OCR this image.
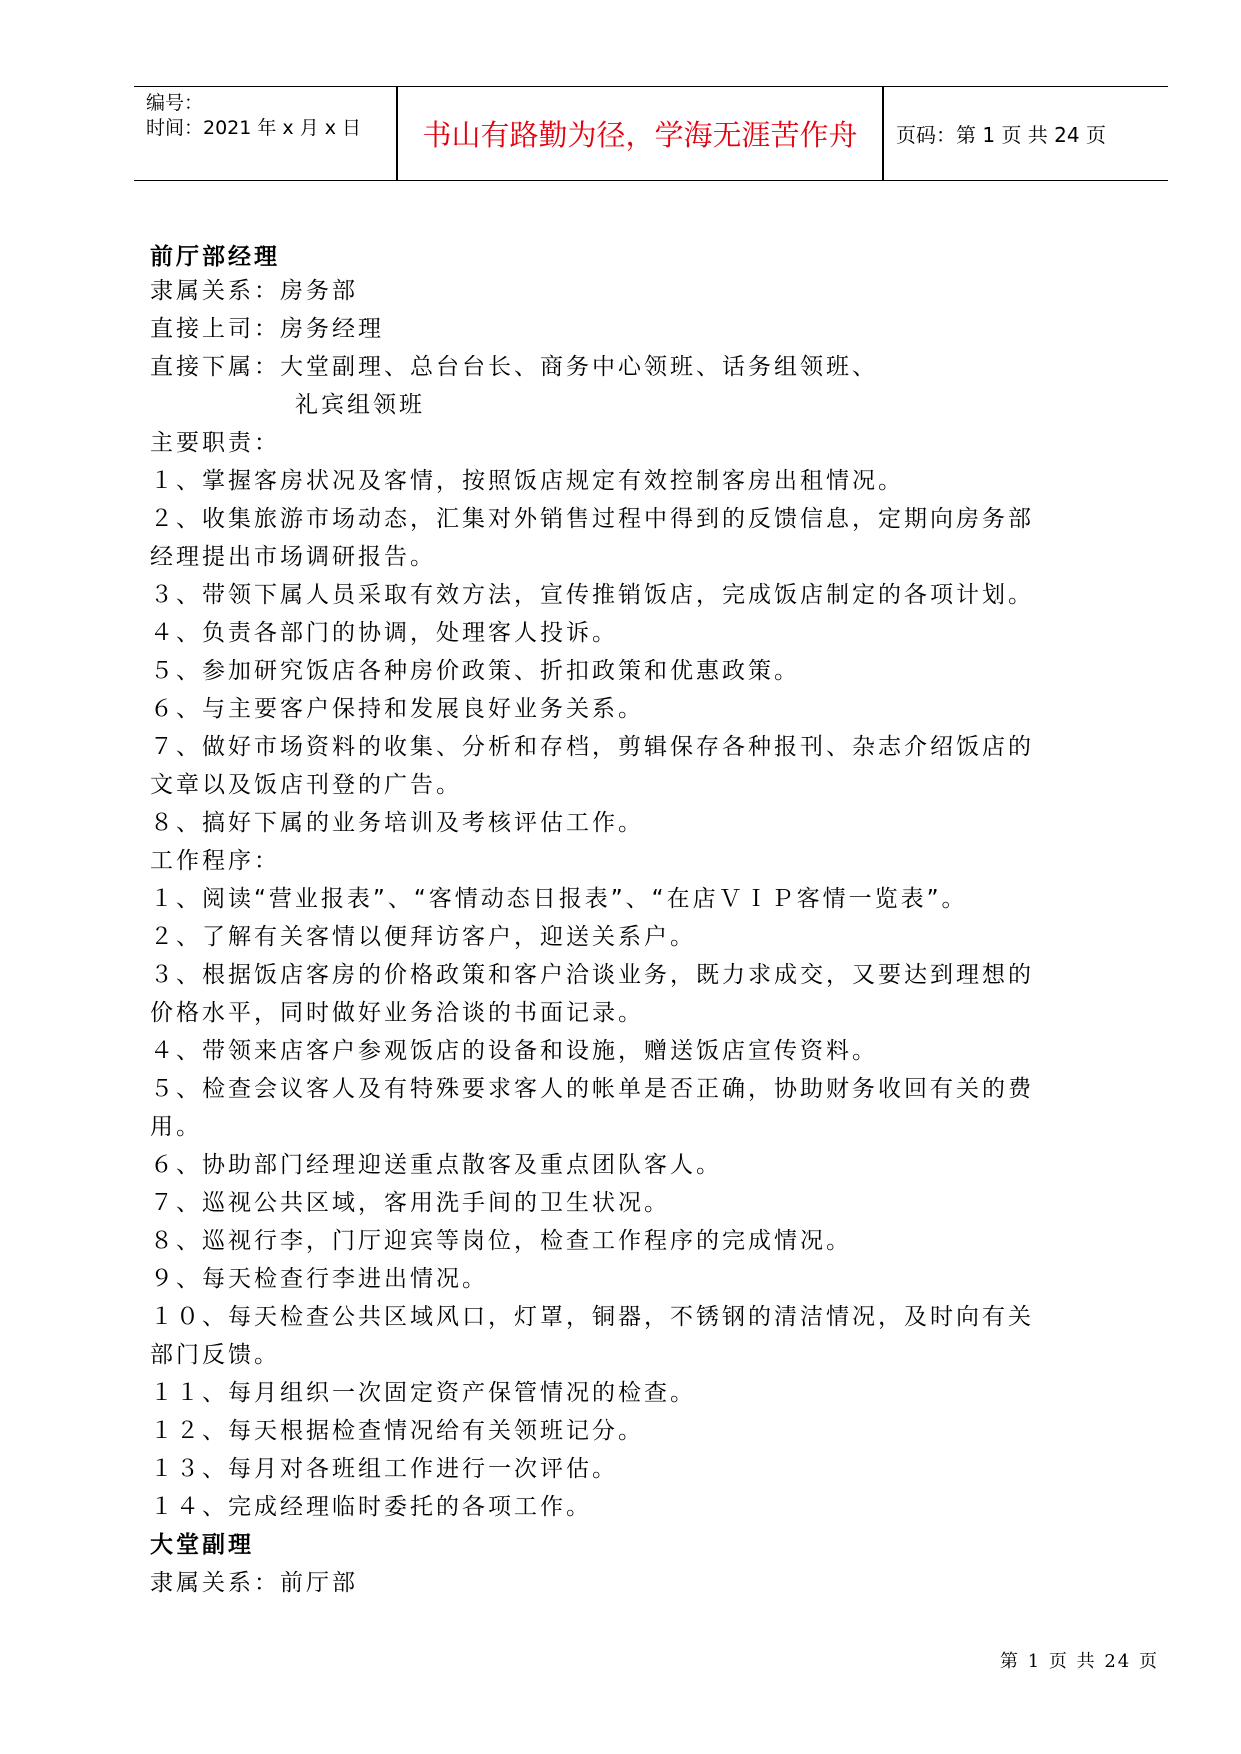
编号：
时间：2021 年 x 月 x 日	书山有路勤为径，学海无涯苦作舟	页码：第 1 页 共 24 页
前厅部经理
隶属关系：房务部
直接上司：房务经理
直接下属：大堂副理、总台台长、商务中心领班、话务组领班、
礼宾组领班
主要职责：
１、掌握客房状况及客情，按照饭店规定有效控制客房出租情况。
２、收集旅游市场动态，汇集对外销售过程中得到的反馈信息，定期向房务部
经理提出市场调研报告。
３、带领下属人员采取有效方法，宣传推销饭店，完成饭店制定的各项计划。
４、负责各部门的协调，处理客人投诉。
５、参加研究饭店各种房价政策、折扣政策和优惠政策。
６、与主要客户保持和发展良好业务关系。
７、做好市场资料的收集、分析和存档，剪辑保存各种报刊、杂志介绍饭店的
文章以及饭店刊登的广告。
８、搞好下属的业务培训及考核评估工作。
工作程序：
１、阅读“营业报表”、“客情动态日报表”、“在店ＶＩＰ客情一览表”。
２、了解有关客情以便拜访客户，迎送关系户。
３、根据饭店客房的价格政策和客户洽谈业务，既力求成交，又要达到理想的
价格水平，同时做好业务洽谈的书面记录。
４、带领来店客户参观饭店的设备和设施，赠送饭店宣传资料。
５、检查会议客人及有特殊要求客人的帐单是否正确，协助财务收回有关的费
用。
６、协助部门经理迎送重点散客及重点团队客人。
７、巡视公共区域，客用洗手间的卫生状况。
８、巡视行李，门厅迎宾等岗位，检查工作程序的完成情况。
９、每天检查行李进出情况。
１０、每天检查公共区域风口，灯罩，铜器，不锈钢的清洁情况，及时向有关
部门反馈。
１１、每月组织一次固定资产保管情况的检查。
１２、每天根据检查情况给有关领班记分。
１３、每月对各班组工作进行一次评估。
１４、完成经理临时委托的各项工作。
大堂副理
隶属关系：前厅部
第 1 页 共 24 页
